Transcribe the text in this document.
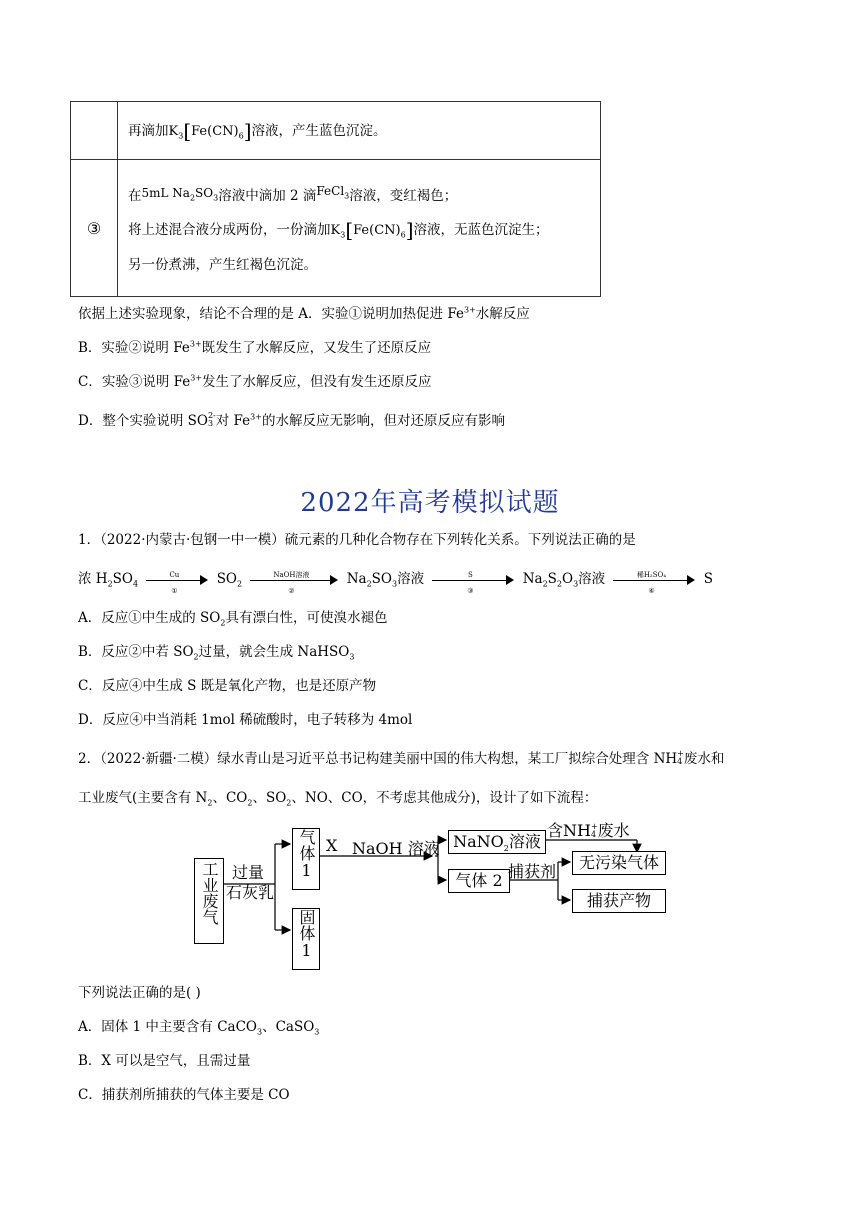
	再滴加$K_3[Fe(CN)_6]$溶液，产生蓝色沉淀。
③	在5mL $Na_2SO_3$溶液中滴加 2 滴FeCl$_3$溶液，变红褐色；
将上述混合液分成两份，一份滴加$K_3[Fe(CN)_6]$溶液，无蓝色沉淀生；
另一份煮沸，产生红褐色沉淀。
依据上述实验现象，结论不合理的是 A．实验①说明加热促进 $Fe^{3+}$水解反应
B．实验②说明 $Fe^{3+}$既发生了水解反应，又发生了还原反应
C．实验③说明 $Fe^{3+}$发生了水解反应，但没有发生还原反应
D．整个实验说明 SO2-
3 对 $Fe^{3+}$的水解反应无影响，但对还原反应有影响
2022年高考模拟试题
1．（2022·内蒙古·包钢一中一模）硫元素的几种化合物存在下列转化关系。下列说法正确的是
浓 $H_2SO_4$
Cu
①
$SO_2$
NaOH溶液
②
$Na_2SO_3$溶液	S
③
$Na_2S_2O_3$溶液	稀H₂SO₄
④
S
A．反应①中生成的 $SO_2$具有漂白性，可使溴水褪色
B．反应②中若 $SO_2$过量，就会生成 NaHSO$_3$
C．反应④中生成 S 既是氧化产物，也是还原产物
D．反应④中当消耗 1mol 稀硫酸时，电子转移为 4mol
2．（2022·新疆·二模）绿水青山是习近平总书记构建美丽中国的伟大构想，某工厂拟综合处理含 NH+
4 废水和
工业废气(主要含有 $N_2$、$CO_2$、$SO_2$、NO、CO，不考虑其他成分)，设计了如下流程：
工业废气 过量
石灰乳
气体1
固体1
X NaOH 溶液 NaNO$_2$溶液
含NH+
4 废水
气体 2 捕获剂	无污染气体
捕获产物
下列说法正确的是( )
A．固体 1 中主要含有 CaCO$_3$、CaSO$_3$
B．X 可以是空气，且需过量
C．捕获剂所捕获的气体主要是 CO
